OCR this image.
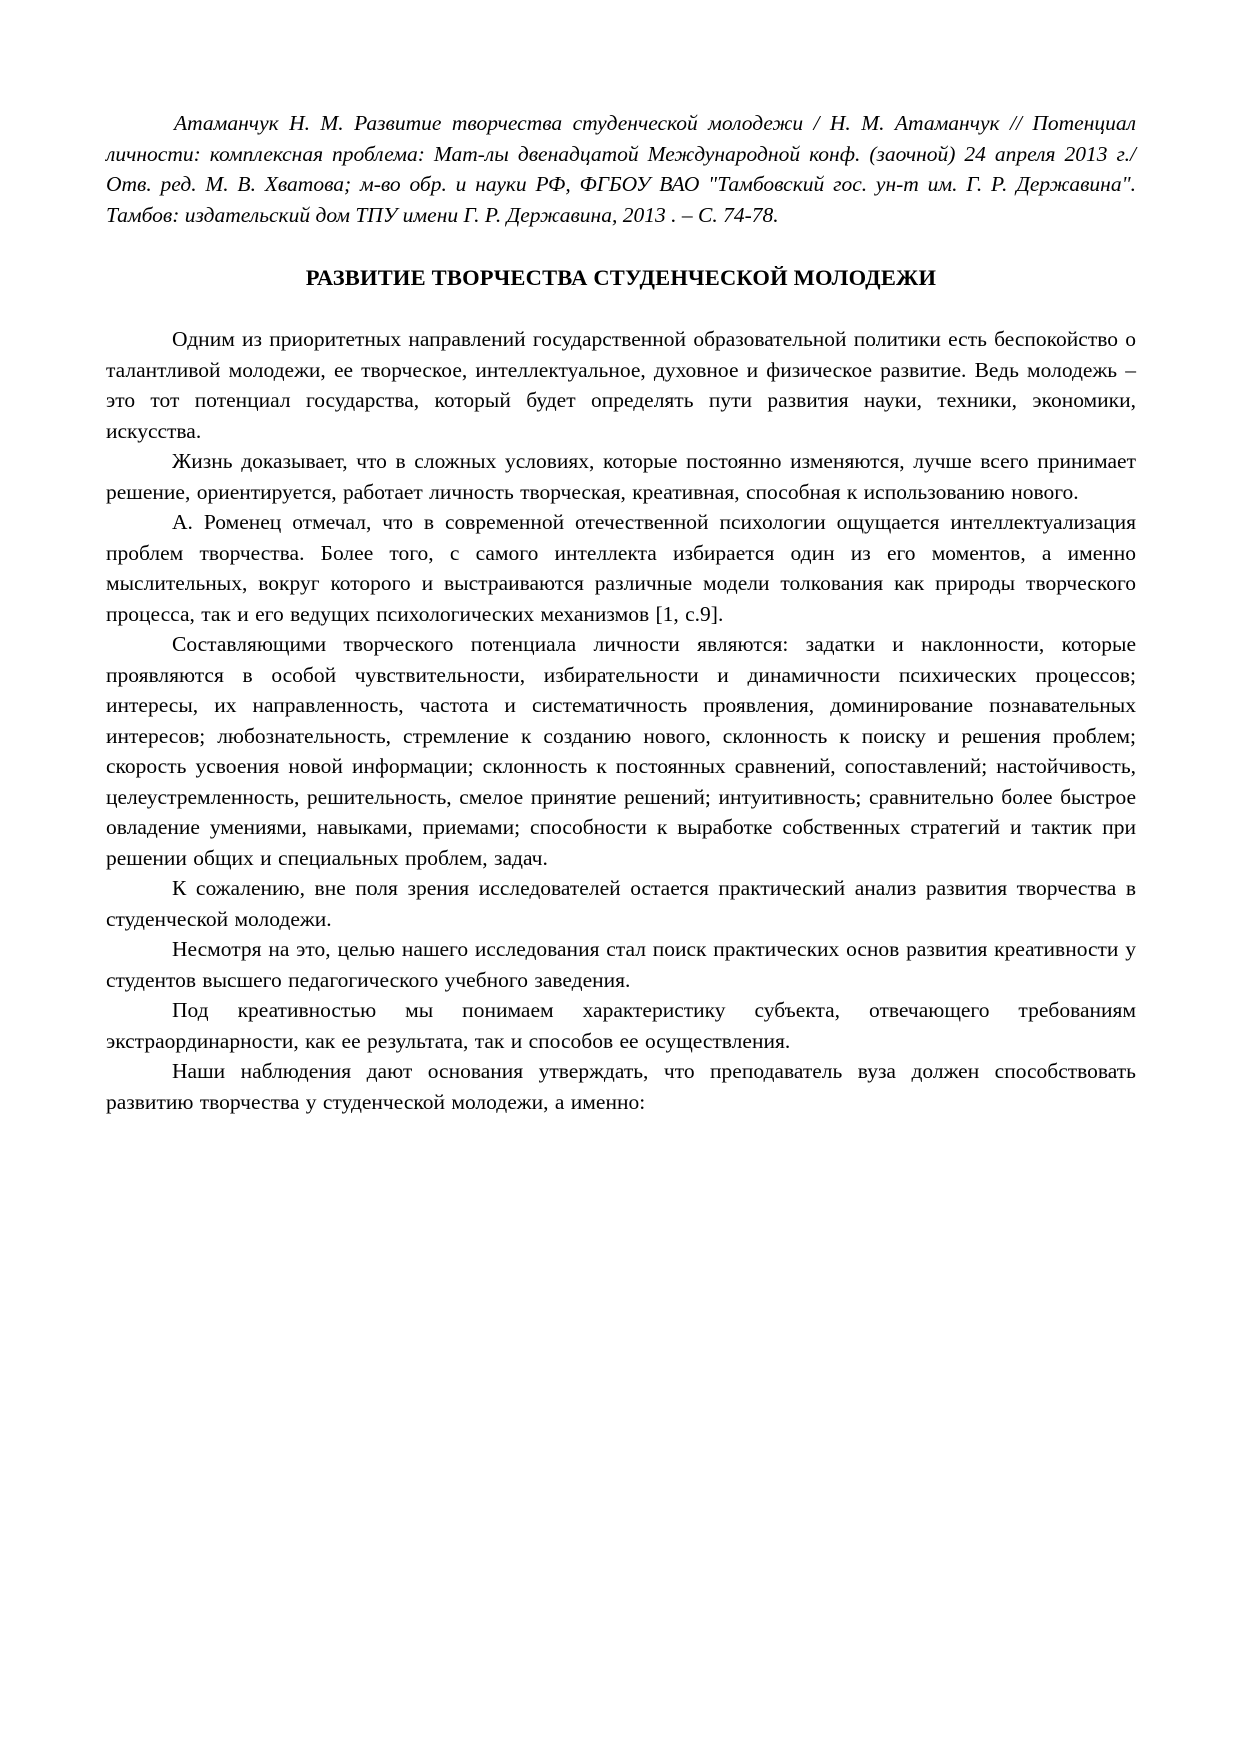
Атаманчук Н. М. Развитие творчества студенческой молодежи / Н. М. Атаманчук // Потенциал личности: комплексная проблема: Мат-лы двенадцатой Международной конф. (заочной) 24 апреля 2013 г./ Отв. ред. М. В. Хватова; м-во обр. и науки РФ, ФГБОУ ВАО "Тамбовский гос. ун-т им. Г. Р. Державина". Тамбов: издательский дом ТПУ имени Г. Р. Державина, 2013 . – С. 74-78.

РАЗВИТИЕ ТВОРЧЕСТВА СТУДЕНЧЕСКОЙ МОЛОДЕЖИ

Одним из приоритетных направлений государственной образовательной политики есть беспокойство о талантливой молодежи, ее творческое, интеллектуальное, духовное и физическое развитие. Ведь молодежь – это тот потенциал государства, который будет определять пути развития науки, техники, экономики, искусства.

Жизнь доказывает, что в сложных условиях, которые постоянно изменяются, лучше всего принимает решение, ориентируется, работает личность творческая, креативная, способная к использованию нового.

А. Роменец отмечал, что в современной отечественной психологии ощущается интеллектуализация проблем творчества. Более того, с самого интеллекта избирается один из его моментов, а именно мыслительных, вокруг которого и выстраиваются различные модели толкования как природы творческого процесса, так и его ведущих психологических механизмов [1, с.9].

Составляющими творческого потенциала личности являются: задатки и наклонности, которые проявляются в особой чувствительности, избирательности и динамичности психических процессов; интересы, их направленность, частота и систематичность проявления, доминирование познавательных интересов; любознательность, стремление к созданию нового, склонность к поиску и решения проблем; скорость усвоения новой информации; склонность к постоянных сравнений, сопоставлений; настойчивость, целеустремленность, решительность, смелое принятие решений; интуитивность; сравнительно более быстрое овладение умениями, навыками, приемами; способности к выработке собственных стратегий и тактик при решении общих и специальных проблем, задач.

К сожалению, вне поля зрения исследователей остается практический анализ развития творчества в студенческой молодежи.

Несмотря на это, целью нашего исследования стал поиск практических основ развития креативности у студентов высшего педагогического учебного заведения.

Под креативностью мы понимаем характеристику субъекта, отвечающего требованиям экстраординарности, как ее результата, так и способов ее осуществления.

Наши наблюдения дают основания утверждать, что преподаватель вуза должен способствовать развитию творчества у студенческой молодежи, а именно:
